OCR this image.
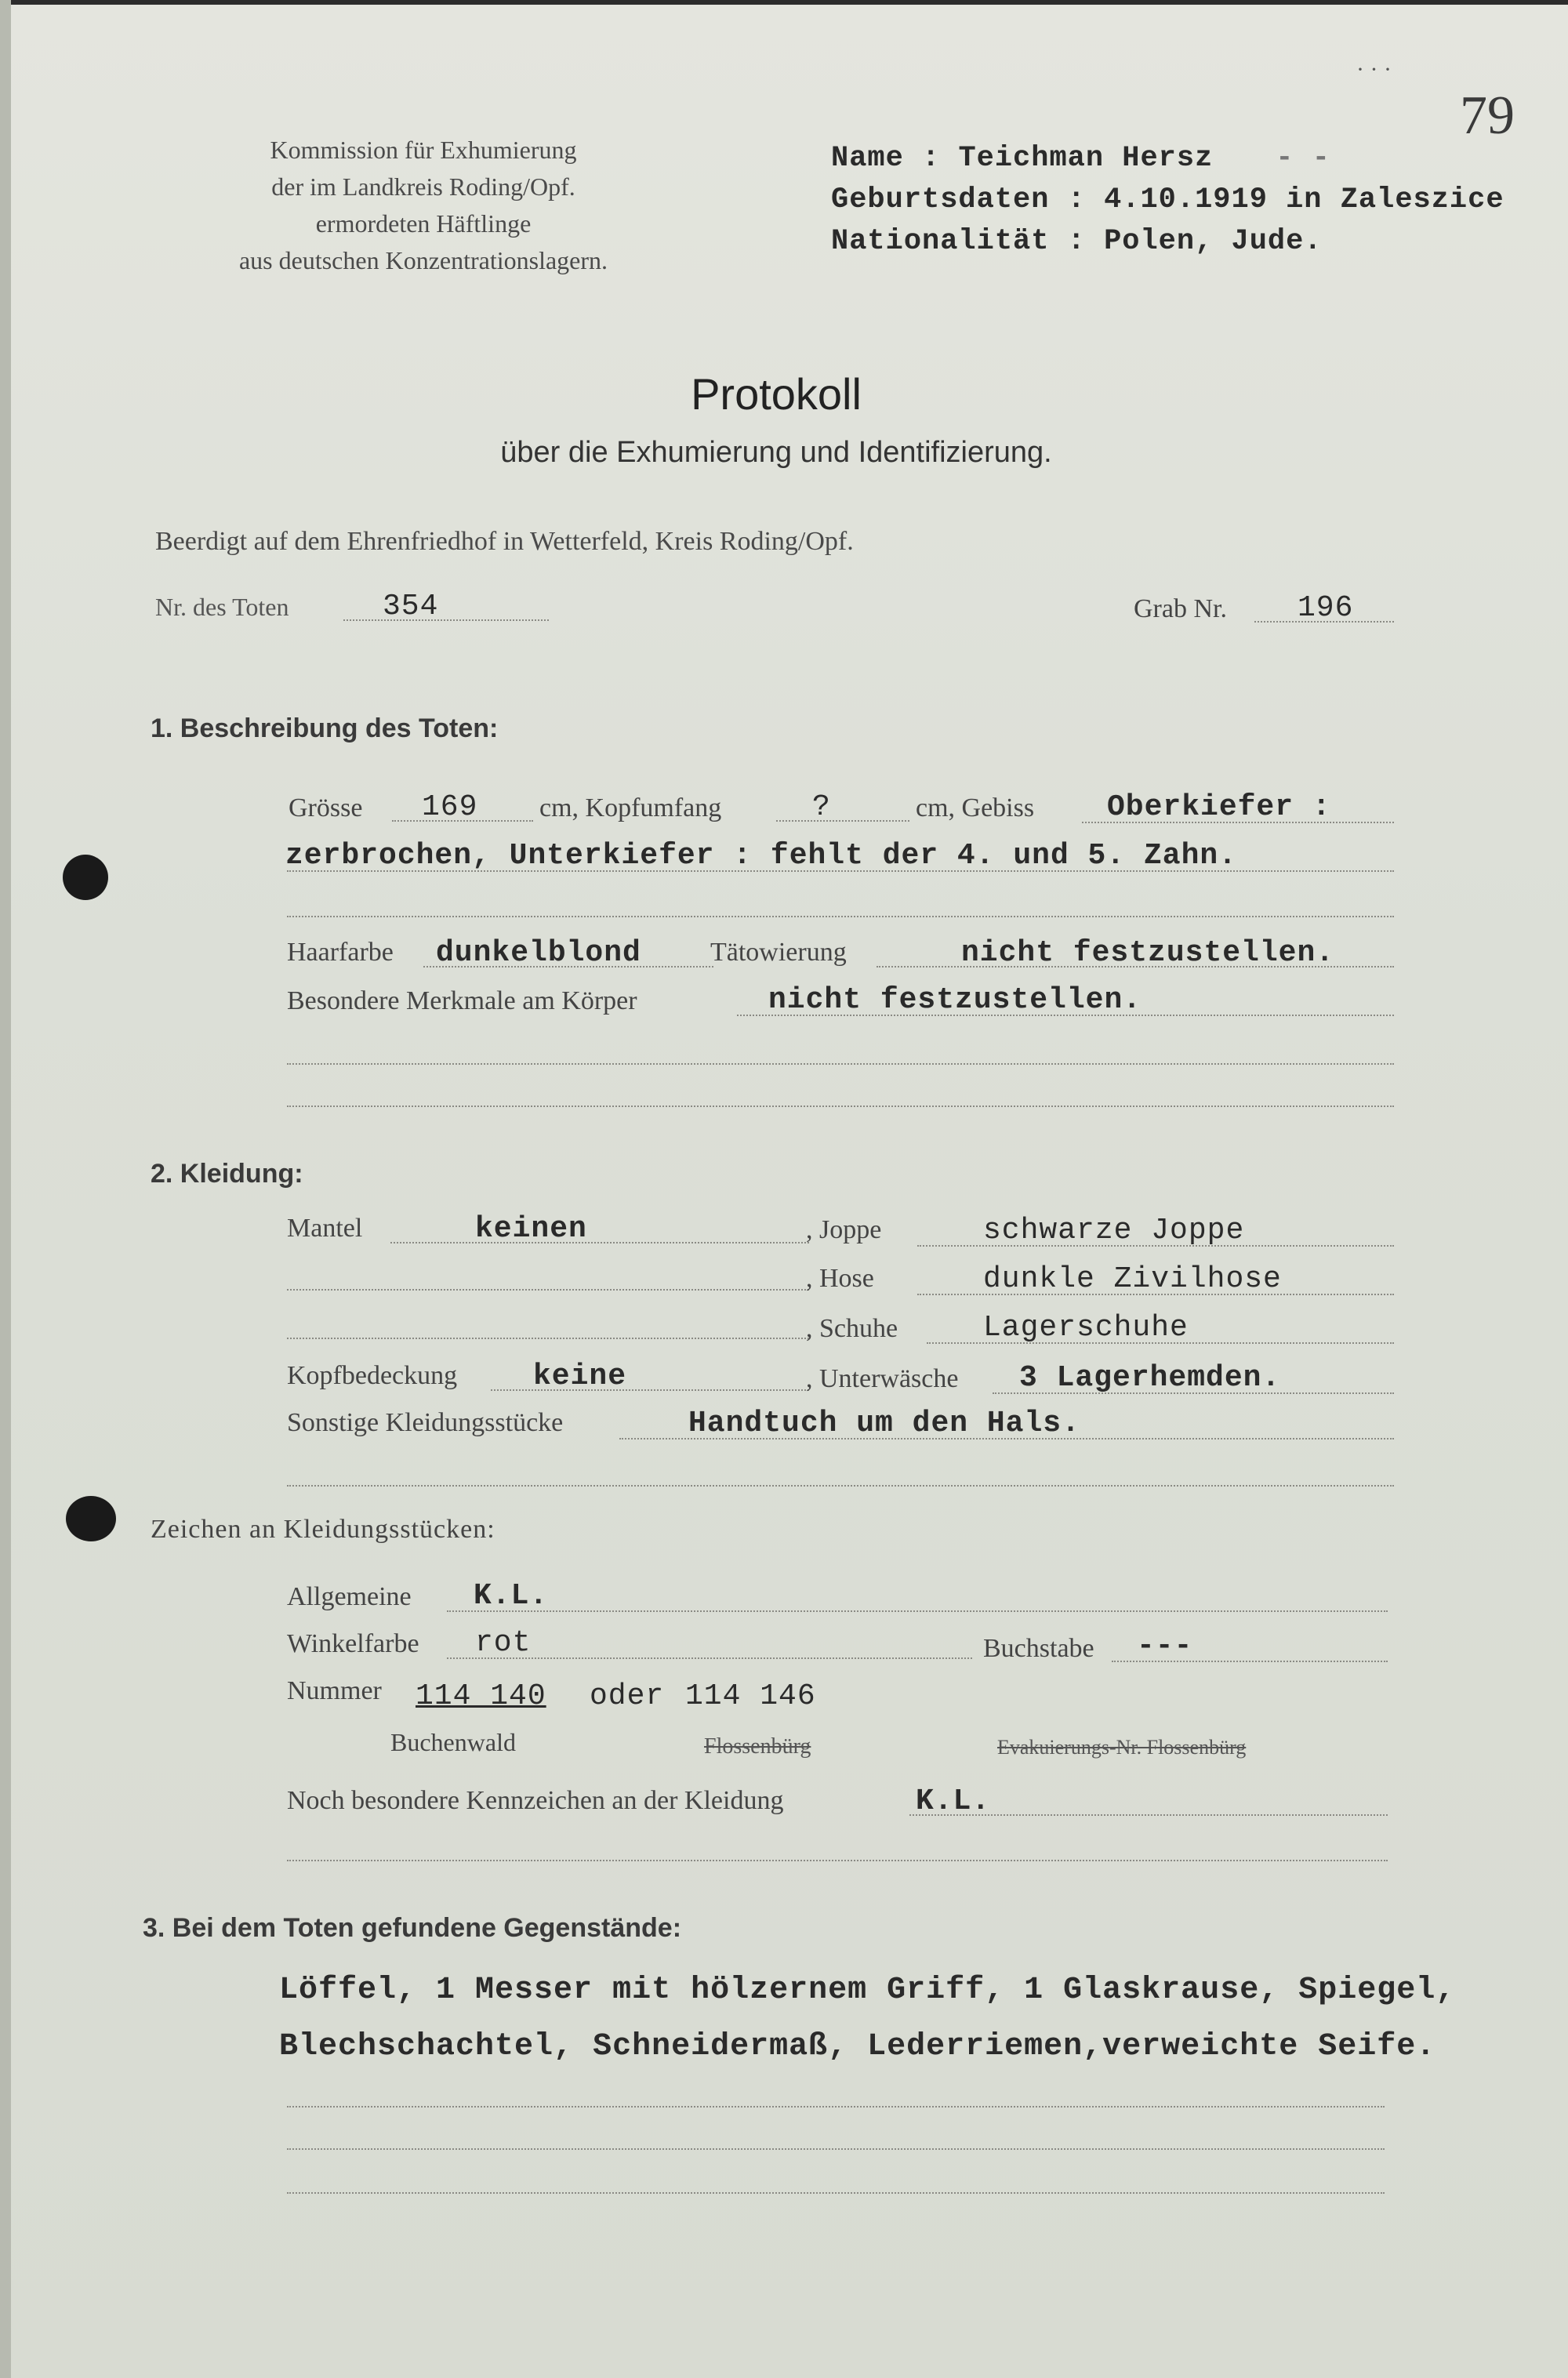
· · ·
79
Kommission für Exhumierung
der im Landkreis Roding/Opf.
ermordeten Häftlinge
aus deutschen Konzentrationslagern.
Name : Teichman Hersz - -
Geburtsdaten : 4.10.1919 in Zaleszice
Nationalität : Polen, Jude.
Protokoll
über die Exhumierung und Identifizierung.
Beerdigt auf dem Ehrenfriedhof in Wetterfeld, Kreis Roding/Opf.
Nr. des Toten	354	Grab Nr. 196
1. Beschreibung des Toten:
Grösse 169 cm, Kopfumfang	?	cm, Gebiss Oberkiefer :
zerbrochen, Unterkiefer : fehlt der 4. und 5. Zahn.
Haarfarbe dunkelblond	Tätowierung	nicht festzustellen.
Besondere Merkmale am Körper	nicht festzustellen.
2. Kleidung:
Mantel	keinen	, Joppe	schwarze Joppe
, Hose	dunkle Zivilhose
, Schuhe	Lagerschuhe
Kopfbedeckung	keine	, Unterwäsche 3 Lagerhemden.
Sonstige Kleidungsstücke	Handtuch um den Hals.
Zeichen an Kleidungsstücken:
Allgemeine K.L.
Winkelfarbe rot	Buchstabe ---
Nummer 114 140 oder 114 146
Buchenwald	Flossenbürg	Evakuierungs-Nr. Flossenbürg
Noch besondere Kennzeichen an der Kleidung	K.L.
3. Bei dem Toten gefundene Gegenstände:
Löffel, 1 Messer mit hölzernem Griff, 1 Glaskrause, Spiegel,
Blechschachtel, Schneidermaß, Lederriemen,verweichte Seife.
